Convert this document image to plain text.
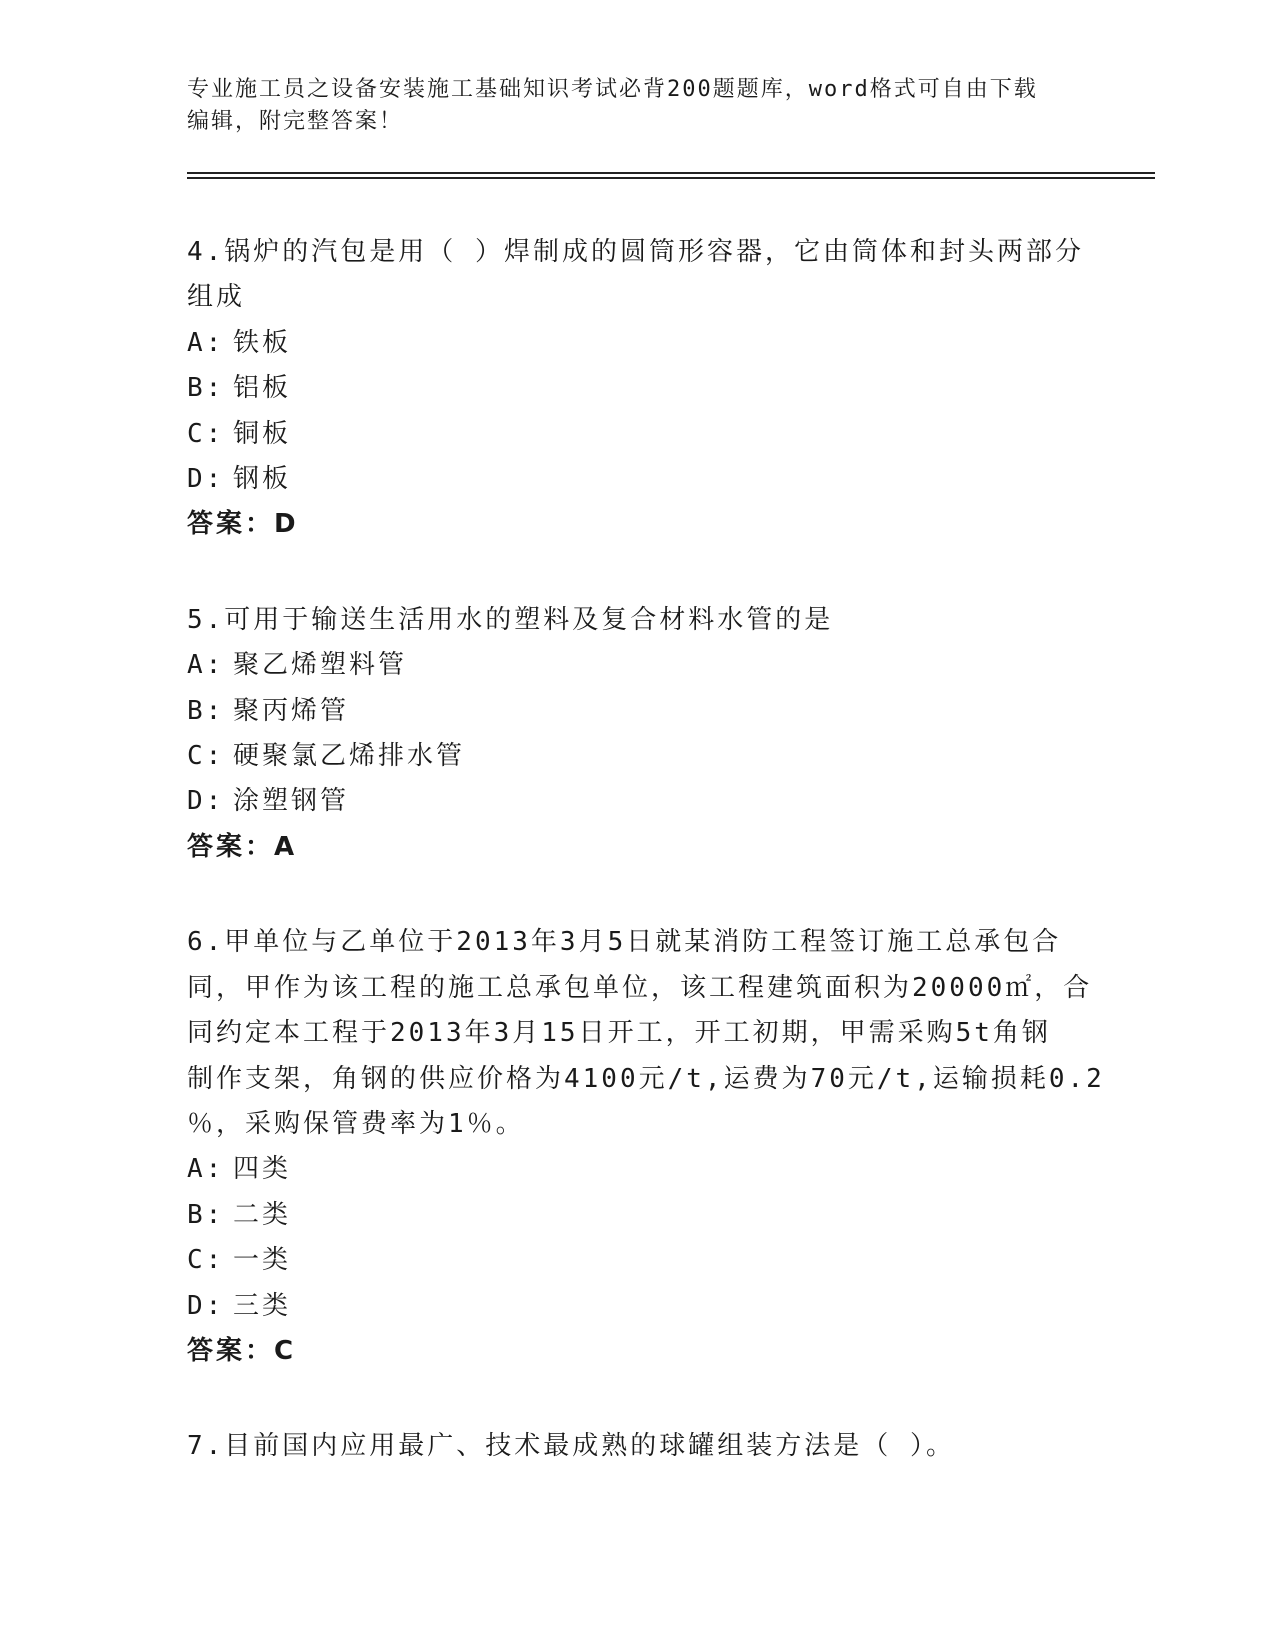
专业施工员之设备安装施工基础知识考试必背200题题库，word格式可自由下载
编辑，附完整答案！
4.锅炉的汽包是用（ ）焊制成的圆筒形容器，它由筒体和封头两部分
组成
A: 铁板
B: 铝板
C: 铜板
D: 钢板
答案：D
5.可用于输送生活用水的塑料及复合材料水管的是
A: 聚乙烯塑料管
B: 聚丙烯管
C: 硬聚氯乙烯排水管
D: 涂塑钢管
答案：A
6.甲单位与乙单位于2013年3月5日就某消防工程签订施工总承包合
同，甲作为该工程的施工总承包单位，该工程建筑面积为20000㎡，合
同约定本工程于2013年3月15日开工，开工初期，甲需采购5t角钢
制作支架，角钢的供应价格为4100元/t,运费为70元/t,运输损耗0.2
％，采购保管费率为1％。
A: 四类
B: 二类
C: 一类
D: 三类
答案：C
7.目前国内应用最广、技术最成熟的球罐组装方法是（ ）。
